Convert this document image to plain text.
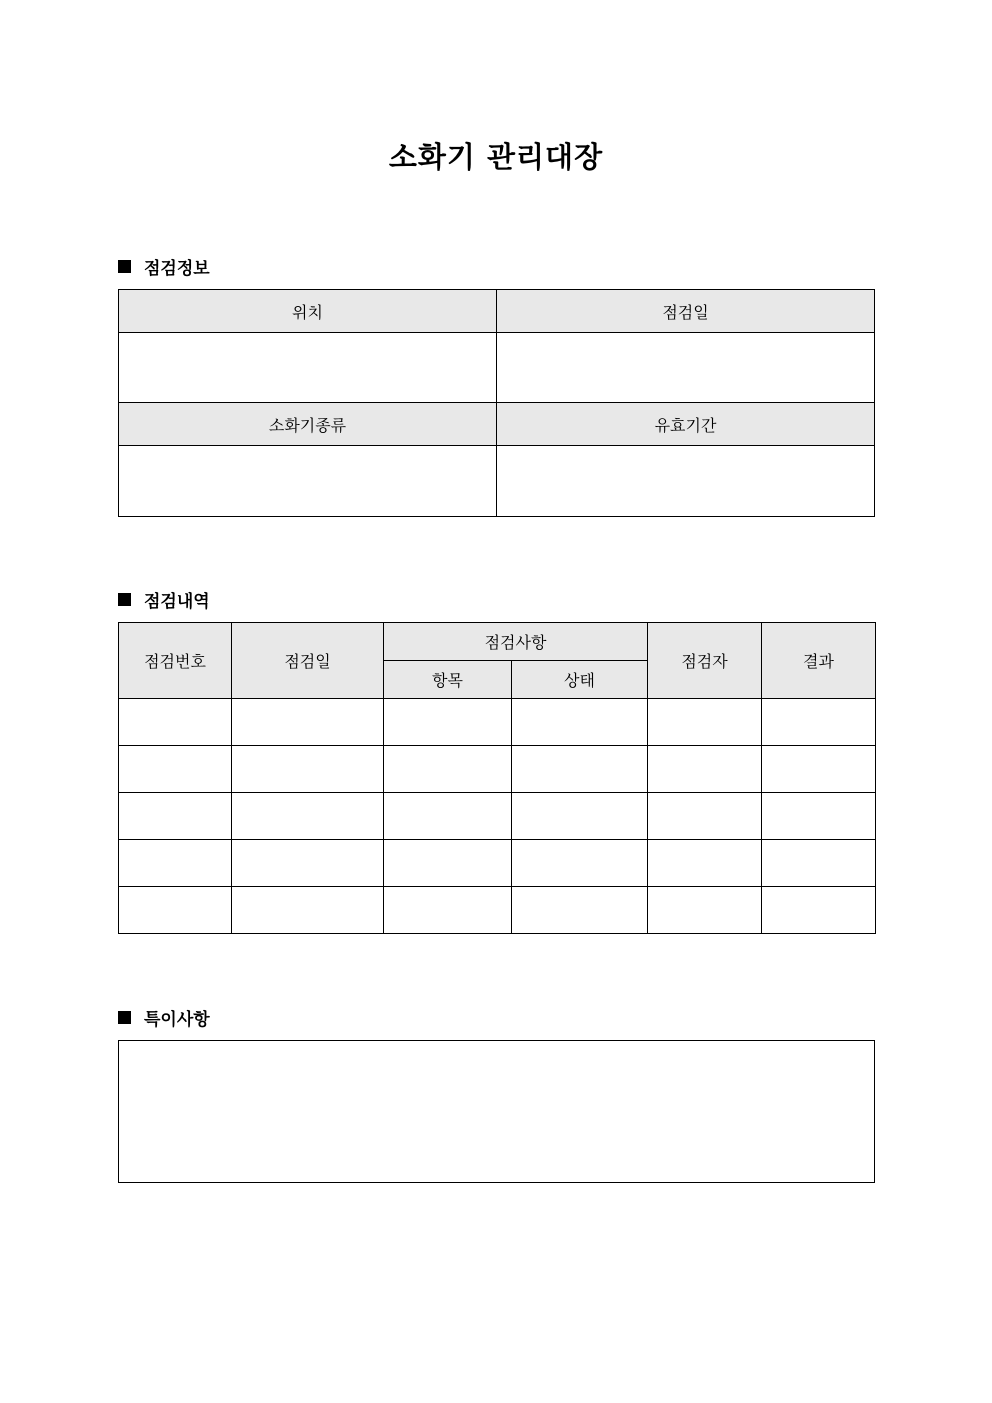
소화기 관리대장
점검정보
위치	점검일

소화기종류	유효기간

점검내역
점검번호	점검일	점검사항		점검자	결과
		항목	상태		

특이사항
